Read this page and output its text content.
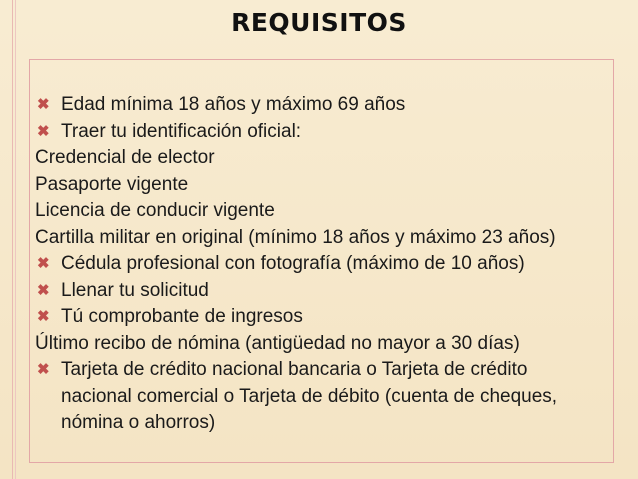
REQUISITOS
✖ Edad mínima 18 años y máximo 69 años
✖ Traer tu identificación oficial:
Credencial de elector
Pasaporte vigente
Licencia de conducir vigente
Cartilla militar en original (mínimo 18 años y máximo 23 años)
✖ Cédula profesional con fotografía (máximo de 10 años)
✖ Llenar tu solicitud
✖ Tú comprobante de ingresos
Último recibo de nómina (antigüedad no mayor a 30 días)
✖ Tarjeta de crédito nacional bancaria o Tarjeta de crédito nacional comercial o Tarjeta de débito (cuenta de cheques, nómina o ahorros)
